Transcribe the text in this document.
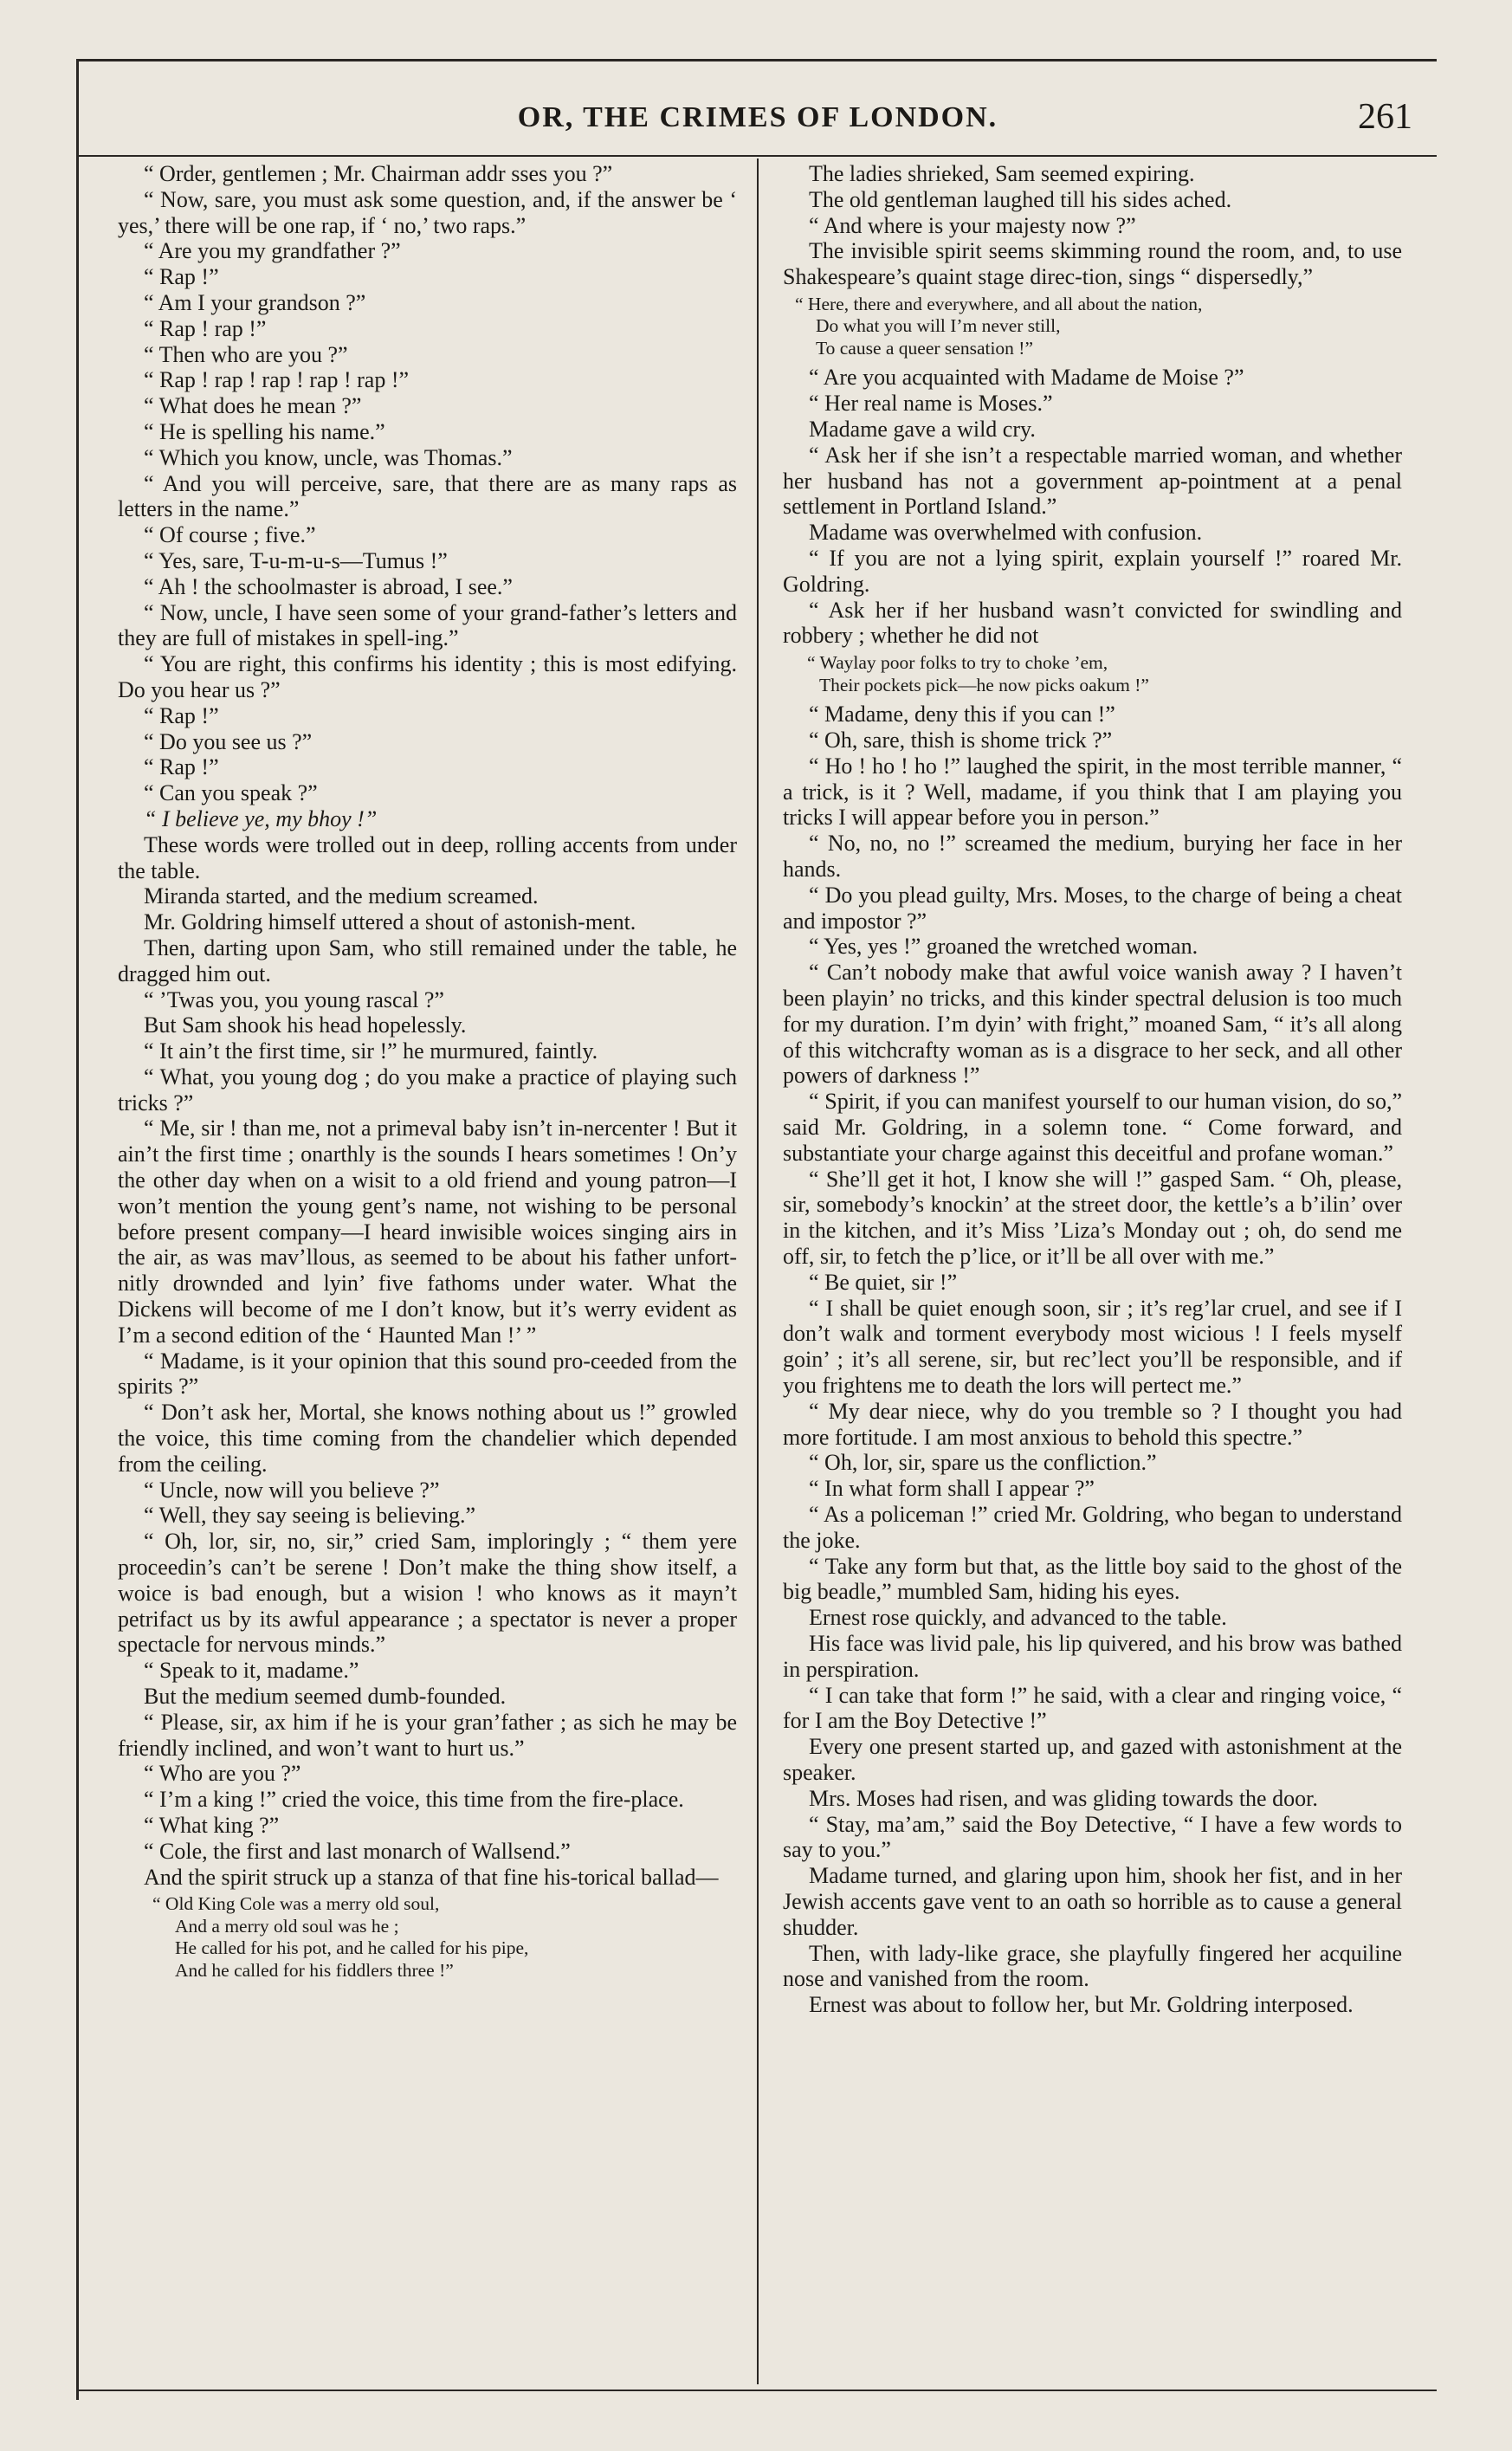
OR, THE CRIMES OF LONDON.	261

“ Order, gentlemen ; Mr. Chairman addr sses you ?”

“ Now, sare, you must ask some question, and, if the answer be ‘ yes,’ there will be one rap, if ‘ no,’ two raps.”

“ Are you my grandfather ?”

“ Rap !”

“ Am I your grandson ?”

“ Rap ! rap !”

“ Then who are you ?”

“ Rap ! rap ! rap ! rap ! rap !”

“ What does he mean ?”

“ He is spelling his name.”

“ Which you know, uncle, was Thomas.”

“ And you will perceive, sare, that there are as many raps as letters in the name.”

“ Of course ; five.”

“ Yes, sare, T-u-m-u-s—Tumus !”

“ Ah ! the schoolmaster is abroad, I see.”

“ Now, uncle, I have seen some of your grand-father’s letters and they are full of mistakes in spell-ing.”

“ You are right, this confirms his identity ; this is most edifying. Do you hear us ?”

“ Rap !”

“ Do you see us ?”

“ Rap !”

“ Can you speak ?”

“ I believe ye, my bhoy !”

These words were trolled out in deep, rolling accents from under the table.

Miranda started, and the medium screamed.

Mr. Goldring himself uttered a shout of astonish-ment.

Then, darting upon Sam, who still remained under the table, he dragged him out.

“ ’Twas you, you young rascal ?”

But Sam shook his head hopelessly.

“ It ain’t the first time, sir !” he murmured, faintly.

“ What, you young dog ; do you make a practice of playing such tricks ?”

“ Me, sir ! than me, not a primeval baby isn’t in-nercenter ! But it ain’t the first time ; onarthly is the sounds I hears sometimes ! On’y the other day when on a wisit to a old friend and young patron—I won’t mention the young gent’s name, not wishing to be personal before present company—I heard inwisible woices singing airs in the air, as was mav’llous, as seemed to be about his father unfort-nitly drownded and lyin’ five fathoms under water. What the Dickens will become of me I don’t know, but it’s werry evident as I’m a second edition of the ‘ Haunted Man !’ ”

“ Madame, is it your opinion that this sound pro-ceeded from the spirits ?”

“ Don’t ask her, Mortal, she knows nothing about us !” growled the voice, this time coming from the chandelier which depended from the ceiling.

“ Uncle, now will you believe ?”

“ Well, they say seeing is believing.”

“ Oh, lor, sir, no, sir,” cried Sam, imploringly ; “ them yere proceedin’s can’t be serene ! Don’t make the thing show itself, a woice is bad enough, but a wision ! who knows as it mayn’t petrifact us by its awful appearance ; a spectator is never a proper spectacle for nervous minds.”

“ Speak to it, madame.”

But the medium seemed dumb-founded.

“ Please, sir, ax him if he is your gran’father ; as sich he may be friendly inclined, and won’t want to hurt us.”

“ Who are you ?”

“ I’m a king !” cried the voice, this time from the fire-place.

“ What king ?”

“ Cole, the first and last monarch of Wallsend.”

And the spirit struck up a stanza of that fine his-torical ballad—

“ Old King Cole was a merry old soul,
And a merry old soul was he ;
He called for his pot, and he called for his pipe,
And he called for his fiddlers three !”

The ladies shrieked, Sam seemed expiring.

The old gentleman laughed till his sides ached.

“ And where is your majesty now ?”

The invisible spirit seems skimming round the room, and, to use Shakespeare’s quaint stage direc-tion, sings “ dispersedly,”

“ Here, there and everywhere, and all about the nation,
Do what you will I’m never still,
To cause a queer sensation !”

“ Are you acquainted with Madame de Moise ?”

“ Her real name is Moses.”

Madame gave a wild cry.

“ Ask her if she isn’t a respectable married woman, and whether her husband has not a government ap-pointment at a penal settlement in Portland Island.”

Madame was overwhelmed with confusion.

“ If you are not a lying spirit, explain yourself !” roared Mr. Goldring.

“ Ask her if her husband wasn’t convicted for swindling and robbery ; whether he did not

“ Waylay poor folks to try to choke ’em,
Their pockets pick—he now picks oakum !”

“ Madame, deny this if you can !”

“ Oh, sare, thish is shome trick ?”

“ Ho ! ho ! ho !” laughed the spirit, in the most terrible manner, “ a trick, is it ? Well, madame, if you think that I am playing you tricks I will appear before you in person.”

“ No, no, no !” screamed the medium, burying her face in her hands.

“ Do you plead guilty, Mrs. Moses, to the charge of being a cheat and impostor ?”

“ Yes, yes !” groaned the wretched woman.

“ Can’t nobody make that awful voice wanish away ? I haven’t been playin’ no tricks, and this kinder spectral delusion is too much for my duration. I’m dyin’ with fright,” moaned Sam, “ it’s all along of this witchcrafty woman as is a disgrace to her seck, and all other powers of darkness !”

“ Spirit, if you can manifest yourself to our human vision, do so,” said Mr. Goldring, in a solemn tone. “ Come forward, and substantiate your charge against this deceitful and profane woman.”

“ She’ll get it hot, I know she will !” gasped Sam. “ Oh, please, sir, somebody’s knockin’ at the street door, the kettle’s a b’ilin’ over in the kitchen, and it’s Miss ’Liza’s Monday out ; oh, do send me off, sir, to fetch the p’lice, or it’ll be all over with me.”

“ Be quiet, sir !”

“ I shall be quiet enough soon, sir ; it’s reg’lar cruel, and see if I don’t walk and torment everybody most wicious ! I feels myself goin’ ; it’s all serene, sir, but rec’lect you’ll be responsible, and if you frightens me to death the lors will pertect me.”

“ My dear niece, why do you tremble so ? I thought you had more fortitude. I am most anxious to behold this spectre.”

“ Oh, lor, sir, spare us the confliction.”

“ In what form shall I appear ?”

“ As a policeman !” cried Mr. Goldring, who began to understand the joke.

“ Take any form but that, as the little boy said to the ghost of the big beadle,” mumbled Sam, hiding his eyes.

Ernest rose quickly, and advanced to the table.

His face was livid pale, his lip quivered, and his brow was bathed in perspiration.

“ I can take that form !” he said, with a clear and ringing voice, “ for I am the Boy Detective !”

Every one present started up, and gazed with astonishment at the speaker.

Mrs. Moses had risen, and was gliding towards the door.

“ Stay, ma’am,” said the Boy Detective, “ I have a few words to say to you.”

Madame turned, and glaring upon him, shook her fist, and in her Jewish accents gave vent to an oath so horrible as to cause a general shudder.

Then, with lady-like grace, she playfully fingered her acquiline nose and vanished from the room.

Ernest was about to follow her, but Mr. Goldring interposed.
